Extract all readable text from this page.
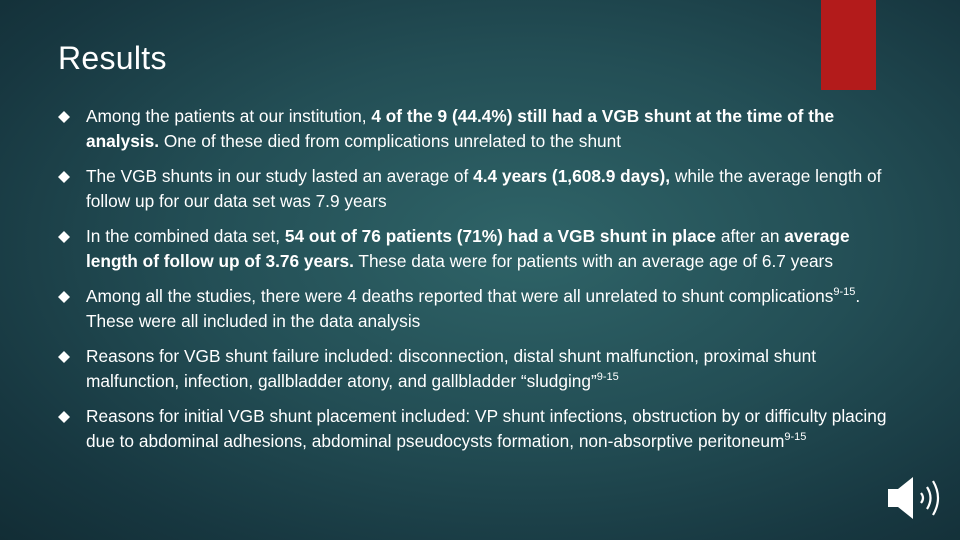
Results
Among the patients at our institution, 4 of the 9 (44.4%) still had a VGB shunt at the time of the analysis. One of these died from complications unrelated to the shunt
The VGB shunts in our study lasted an average of 4.4 years (1,608.9 days), while the average length of follow up for our data set was 7.9 years
In the combined data set, 54 out of 76 patients (71%) had a VGB shunt in place after an average length of follow up of 3.76 years. These data were for patients with an average age of 6.7 years
Among all the studies, there were 4 deaths reported that were all unrelated to shunt complications$^{9-15}$. These were all included in the data analysis
Reasons for VGB shunt failure included: disconnection, distal shunt malfunction, proximal shunt malfunction, infection, gallbladder atony, and gallbladder “sludging”$^{9-15}$
Reasons for initial VGB shunt placement included: VP shunt infections, obstruction by or difficulty placing due to abdominal adhesions, abdominal pseudocysts formation, non-absorptive peritoneum$^{9-15}$
